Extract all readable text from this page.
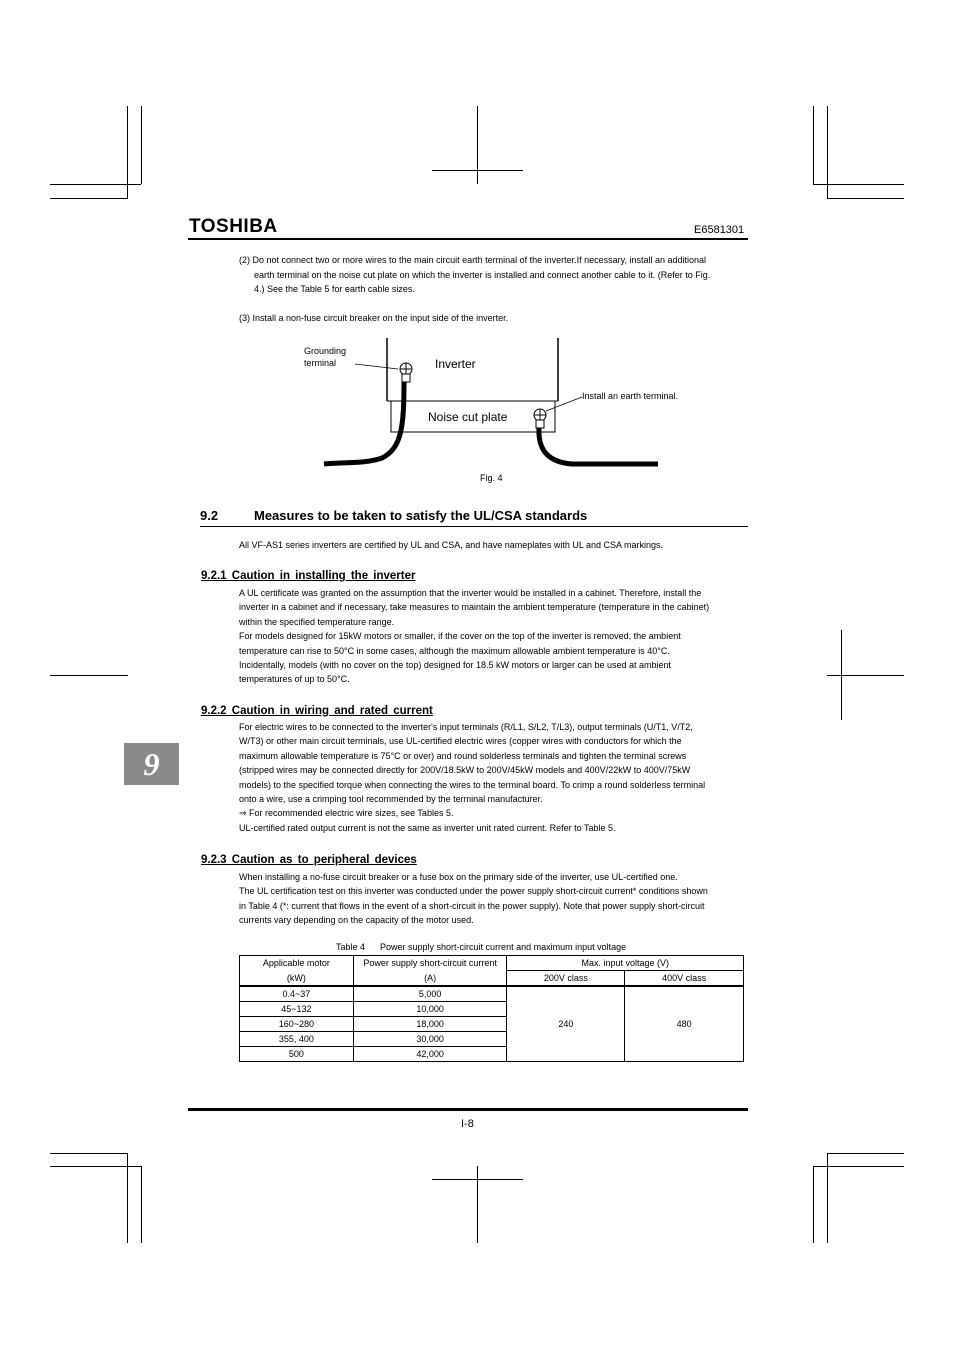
TOSHIBA	E6581301
(2) Do not connect two or more wires to the main circuit earth terminal of the inverter.If necessary, install an additional
earth terminal on the noise cut plate on which the inverter is installed and connect another cable to it. (Refer to Fig.
4.) See the Table 5 for earth cable sizes.
(3) Install a non-fuse circuit breaker on the input side of the inverter.
Grounding
terminal	Inverter
Noise cut plate
Install an earth terminal.
Fig. 4
9.2	Measures to be taken to satisfy the UL/CSA standards
All VF-AS1 series inverters are certified by UL and CSA, and have nameplates with UL and CSA markings.
9.2.1 Caution in installing the inverter
A UL certificate was granted on the assumption that the inverter would be installed in a cabinet. Therefore, install the
inverter in a cabinet and if necessary, take measures to maintain the ambient temperature (temperature in the cabinet)
within the specified temperature range.
For models designed for 15kW motors or smaller, if the cover on the top of the inverter is removed, the ambient
temperature can rise to 50°C in some cases, although the maximum allowable ambient temperature is 40°C.
Incidentally, models (with no cover on the top) designed for 18.5 kW motors or larger can be used at ambient
temperatures of up to 50°C.
9
9.2.2 Caution in wiring and rated current
For electric wires to be connected to the inverter's input terminals (R/L1, S/L2, T/L3), output terminals (U/T1, V/T2,
W/T3) or other main circuit terminals, use UL-certified electric wires (copper wires with conductors for which the
maximum allowable temperature is 75°C or over) and round solderless terminals and tighten the terminal screws
(stripped wires may be connected directly for 200V/18.5kW to 200V/45kW models and 400V/22kW to 400V/75kW
models) to the specified torque when connecting the wires to the terminal board. To crimp a round solderless terminal
onto a wire, use a crimping tool recommended by the terminal manufacturer.
⇒ For recommended electric wire sizes, see Tables 5.
UL-certified rated output current is not the same as inverter unit rated current. Refer to Table 5.
9.2.3 Caution as to peripheral devices
When installing a no-fuse circuit breaker or a fuse box on the primary side of the inverter, use UL-certified one.
The UL certification test on this inverter was conducted under the power supply short-circuit current* conditions shown
in Table 4 (*: current that flows in the event of a short-circuit in the power supply). Note that power supply short-circuit
currents vary depending on the capacity of the motor used.
Table 4      Power supply short-circuit current and maximum input voltage
Applicable motor	Power supply short-circuit current	Max. input voltage (V)	
(kW)	(A)	200V class	400V class
0.4~37	5,000	240	480
45~132	10,000		
160~280	18,000		
355, 400	30,000		
500	42,000		
I-8
